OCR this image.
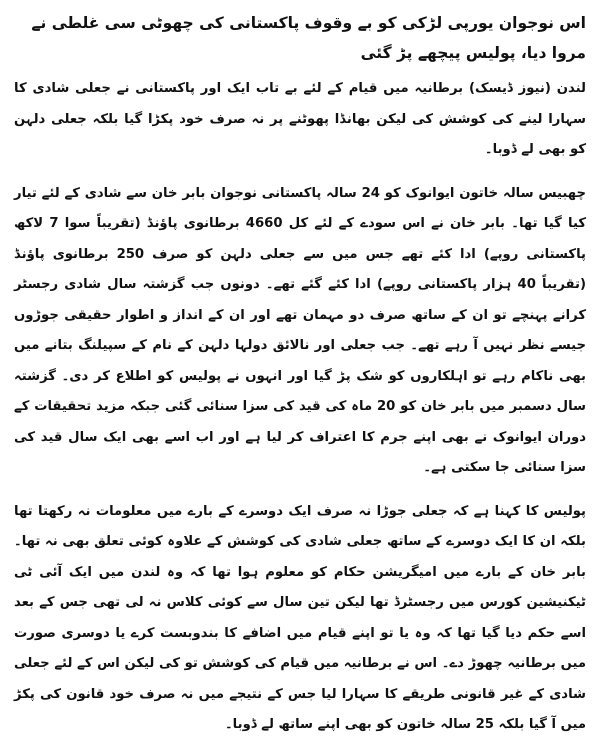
اس نوجوان یورپی لڑکی کو بے وقوف پاکستانی کی چھوٹی سی غلطی نے مروا دیا، پولیس پیچھے پڑ گئی

لندن (نیوز ڈیسک) برطانیہ میں قیام کے لئے بے تاب ایک اور پاکستانی نے جعلی شادی کا سہارا لینے کی کوشش کی لیکن بھانڈا پھوٹنے پر نہ صرف خود پکڑا گیا بلکہ جعلی دلہن کو بھی لے ڈوبا۔

چھبیس سالہ خاتون ایوانوک کو 24 سالہ پاکستانی نوجوان بابر خان سے شادی کے لئے تیار کیا گیا تھا۔ بابر خان نے اس سودے کے لئے کل 4660 برطانوی پاؤنڈ (تقریباً سوا 7 لاکھ پاکستانی روپے) ادا کئے تھے جس میں سے جعلی دلہن کو صرف 250 برطانوی پاؤنڈ (تقریباً 40 ہزار پاکستانی روپے) ادا کئے گئے تھے۔ دونوں جب گزشتہ سال شادی رجسٹر کرانے پہنچے تو ان کے ساتھ صرف دو مہمان تھے اور ان کے انداز و اطوار حقیقی جوڑوں جیسے نظر نہیں آ رہے تھے۔ جب جعلی اور نالائق دولہا دلہن کے نام کے سپیلنگ بتانے میں بھی ناکام رہے تو اہلکاروں کو شک پڑ گیا اور انہوں نے پولیس کو اطلاع کر دی۔ گزشتہ سال دسمبر میں بابر خان کو 20 ماہ کی قید کی سزا سنائی گئی جبکہ مزید تحقیقات کے دوران ایوانوک نے بھی اپنے جرم کا اعتراف کر لیا ہے اور اب اسے بھی ایک سال قید کی سزا سنائی جا سکتی ہے۔

پولیس کا کہنا ہے کہ جعلی جوڑا نہ صرف ایک دوسرے کے بارے میں معلومات نہ رکھتا تھا بلکہ ان کا ایک دوسرے کے ساتھ جعلی شادی کی کوشش کے علاوہ کوئی تعلق بھی نہ تھا۔ بابر خان کے بارے میں امیگریشن حکام کو معلوم ہوا تھا کہ وہ لندن میں ایک آئی ٹی ٹیکنیشین کورس میں رجسٹرڈ تھا لیکن تین سال سے کوئی کلاس نہ لی تھی جس کے بعد اسے حکم دیا گیا تھا کہ وہ یا تو اپنے قیام میں اضافے کا بندوبست کرے یا دوسری صورت میں برطانیہ چھوڑ دے۔ اس نے برطانیہ میں قیام کی کوشش تو کی لیکن اس کے لئے جعلی شادی کے غیر قانونی طریقے کا سہارا لیا جس کے نتیجے میں نہ صرف خود قانون کی پکڑ میں آ گیا بلکہ 25 سالہ خاتون کو بھی اپنے ساتھ لے ڈوبا۔
